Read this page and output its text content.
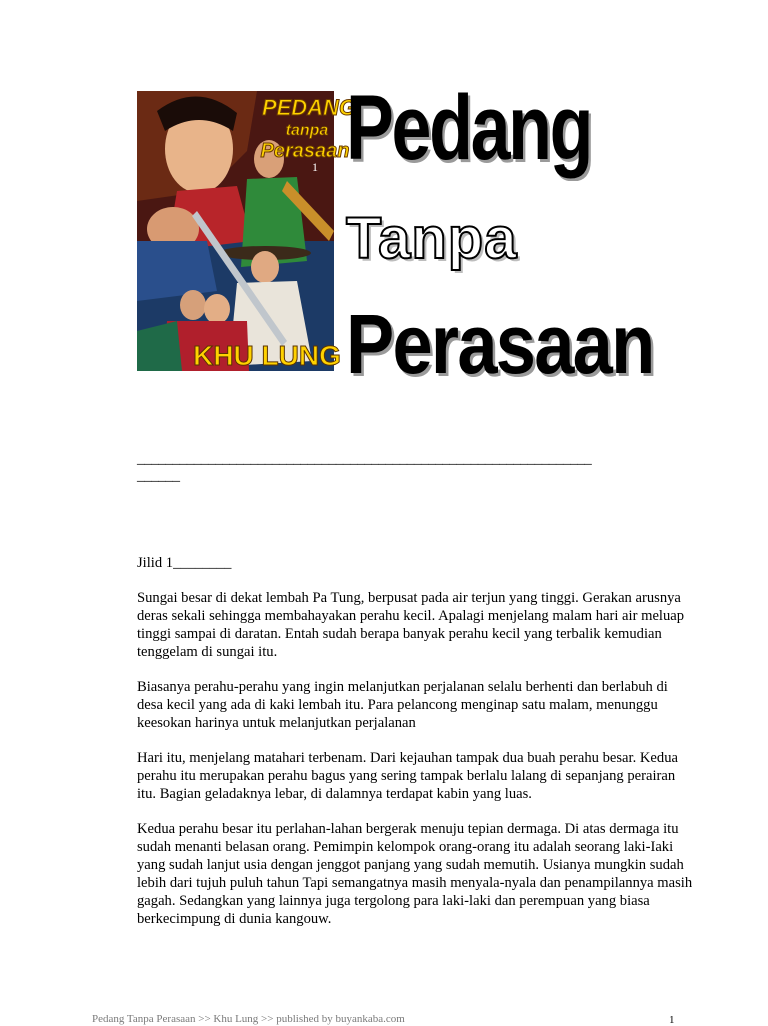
PEDANG
tanpa
Perasaan
1
KHU LUNG
Pedang
Tanpa
Perasaan
________________________________________________________________
______

Jilid 1________

Sungai besar di dekat lembah Pa Tung, berpusat pada air terjun yang tinggi. Gerakan arusnya deras sekali sehingga membahayakan perahu kecil. Apalagi menjelang malam hari air meluap tinggi sampai di daratan. Entah sudah berapa banyak perahu kecil yang terbalik kemudian tenggelam di sungai itu.

Biasanya perahu-perahu yang ingin melanjutkan perjalanan selalu berhenti dan berlabuh di desa kecil yang ada di kaki lembah itu. Para pelancong menginap satu malam, menunggu keesokan harinya untuk melanjutkan perjalanan

Hari itu, menjelang matahari terbenam. Dari kejauhan tampak dua buah perahu besar. Kedua perahu itu merupakan perahu bagus yang sering tampak berlalu lalang di sepanjang perairan itu. Bagian geladaknya lebar, di dalamnya terdapat kabin yang luas.

Kedua perahu besar itu perlahan-lahan bergerak menuju tepian dermaga. Di atas dermaga itu sudah menanti belasan orang. Pemimpin kelompok orang-orang itu adalah seorang laki-Iaki yang sudah lanjut usia dengan jenggot panjang yang sudah memutih. Usianya mungkin sudah lebih dari tujuh puluh tahun Tapi semangatnya masih menyala-nyala dan penampilannya masih gagah. Sedangkan yang lainnya juga tergolong para laki-laki dan perempuan yang biasa berkecimpung di dunia kangouw.

Pedang Tanpa Perasaan >> Khu Lung >> published by buyankaba.com	1
